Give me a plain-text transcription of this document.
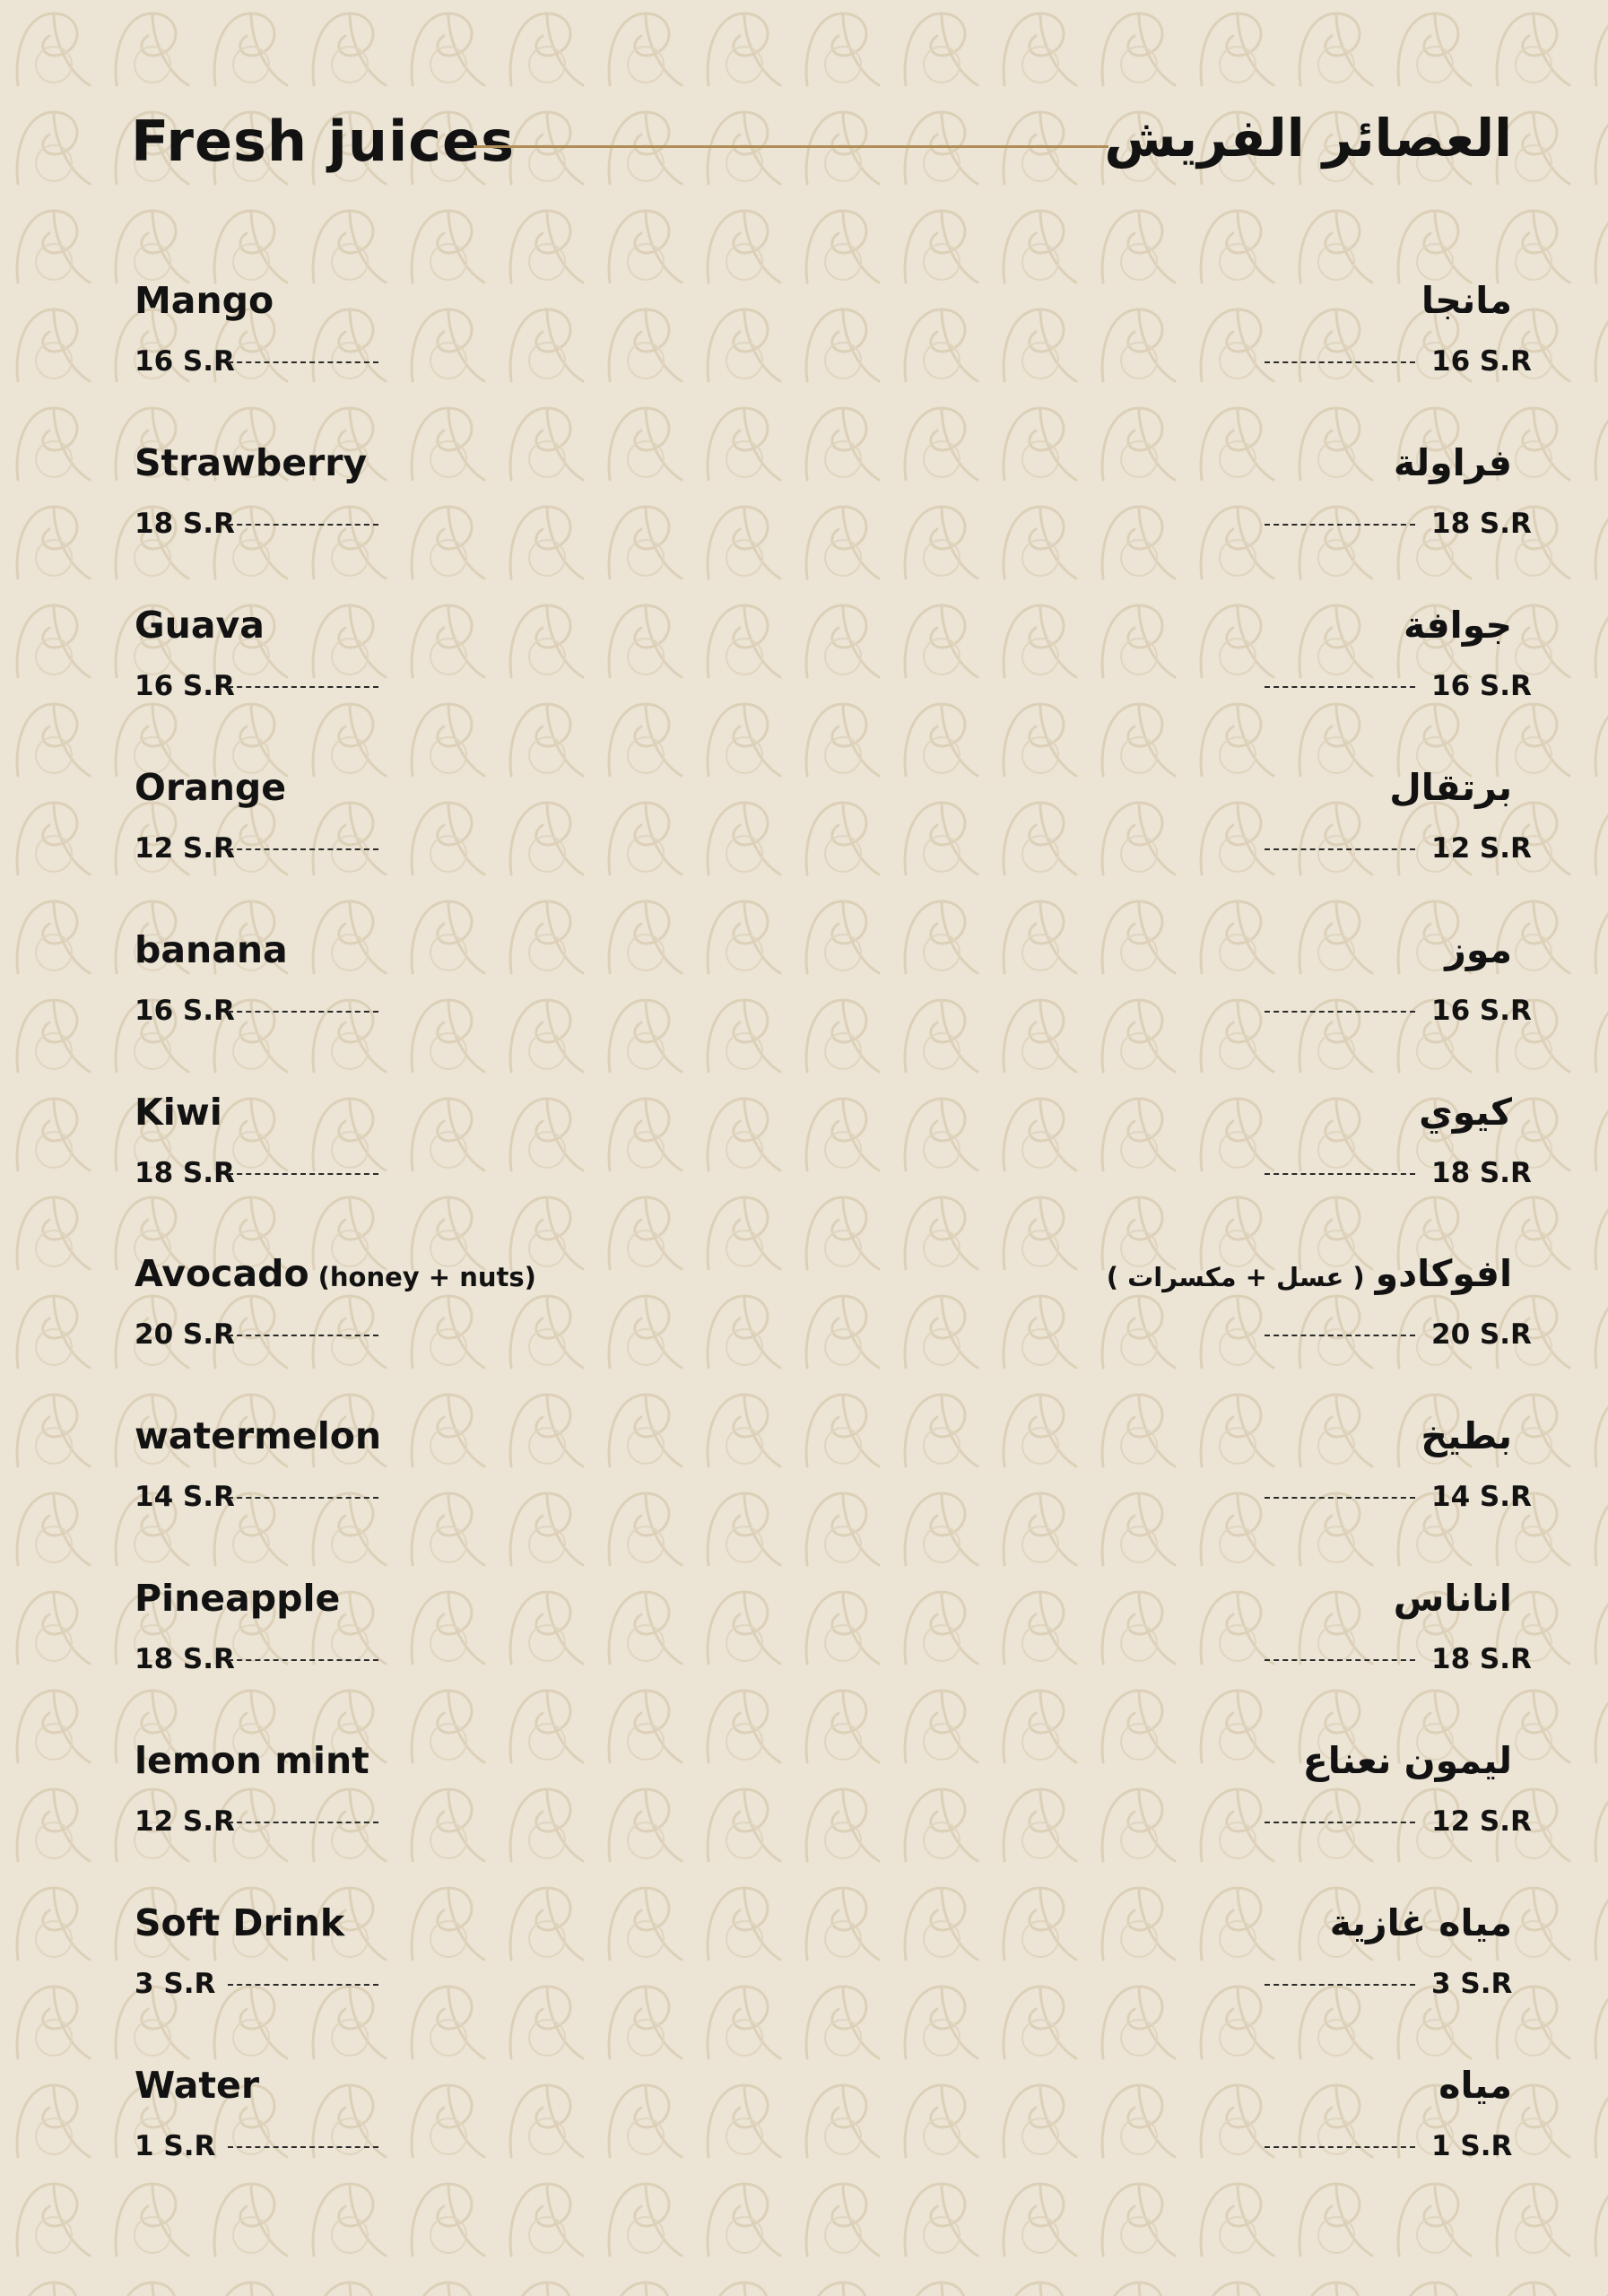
Fresh juices	العصائر الفريش
Mango	مانجا
16 S.R	16 S.R
Strawberry	فراولة
18 S.R	18 S.R
Guava	جوافة
16 S.R	16 S.R
Orange	برتقال
12 S.R	12 S.R
banana	موز
16 S.R	16 S.R
Kiwi	كيوي
18 S.R	18 S.R
Avocado (honey + nuts)	افوكادو( عسل + مكسرات )
20 S.R	20 S.R
watermelon	بطيخ
14 S.R	14 S.R
Pineapple	اناناس
18 S.R	18 S.R
lemon mint	ليمون نعناع
12 S.R	12 S.R
Soft Drink	مياه غازية
3 S.R	3 S.R
Water	مياه
1 S.R	1 S.R
